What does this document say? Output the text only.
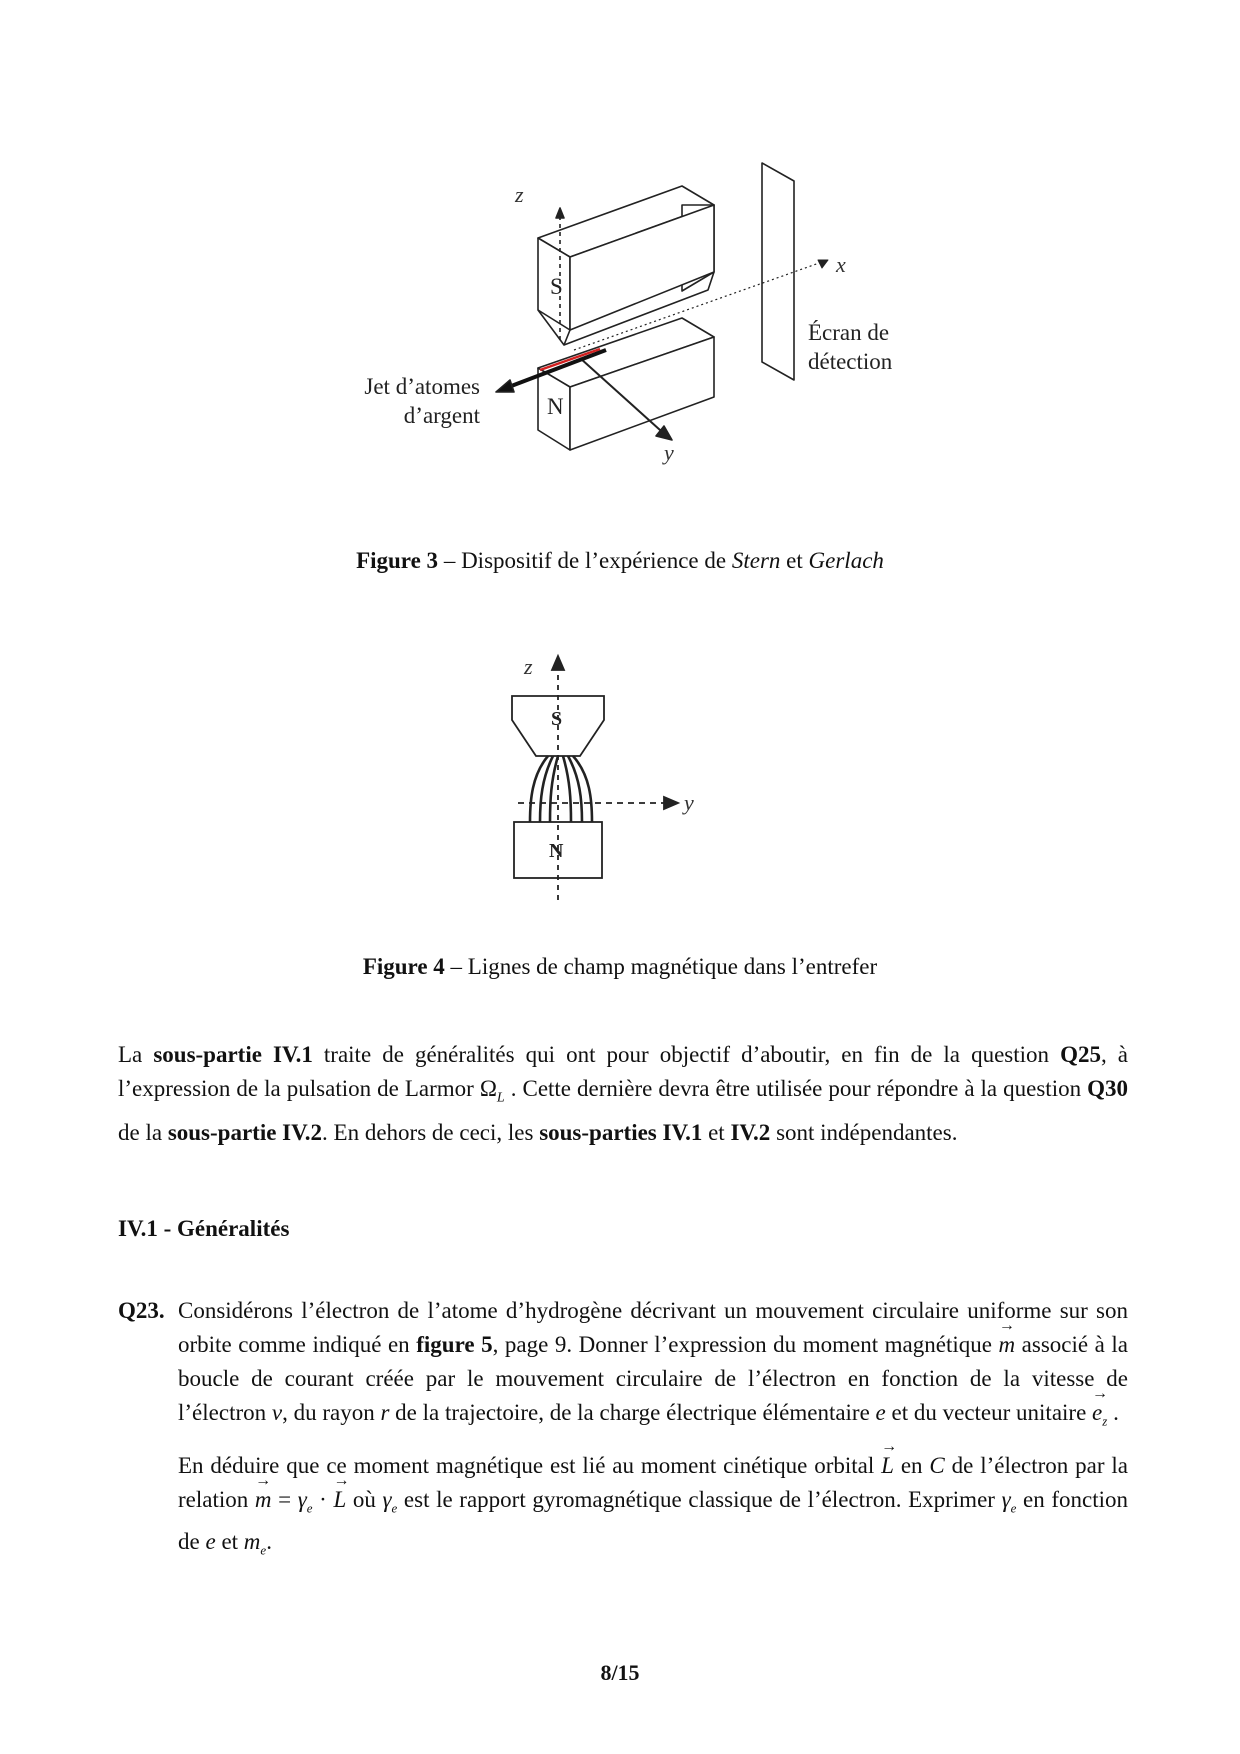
z
x
y
S
N
Jet d’atomes
d’argent
Écran de
détection
Figure 3 – Dispositif de l’expérience de Stern et Gerlach
z
y
S
N
Figure 4 – Lignes de champ magnétique dans l’entrefer
La sous-partie IV.1 traite de généralités qui ont pour objectif d’aboutir, en fin de la question Q25, à l’expression de la pulsation de Larmor $\Omega_L$ . Cette dernière devra être utilisée pour répondre à la question Q30 de la sous-partie IV.2. En dehors de ceci, les sous-parties IV.1 et IV.2 sont indépendantes.
IV.1 - Généralités
Q23. Considérons l’électron de l’atome d’hydrogène décrivant un mouvement circulaire uniforme sur son orbite comme indiqué en figure 5, page 9. Donner l’expression du moment magnétique → m associé à la boucle de courant créée par le mouvement circulaire de l’électron en fonction de la vitesse de l’électron v, du rayon r de la trajectoire, de la charge électrique élémentaire e et du vecteur unitaire → $e_z$ .
En déduire que ce moment magnétique est lié au moment cinétique orbital → L en C de l’électron par la relation → $m = \gamma_e$ · → L où $\gamma_e$ est le rapport gyromagnétique classique de l’électron. Exprimer $\gamma_e$ en fonction de e et $m_e$.
8/15
